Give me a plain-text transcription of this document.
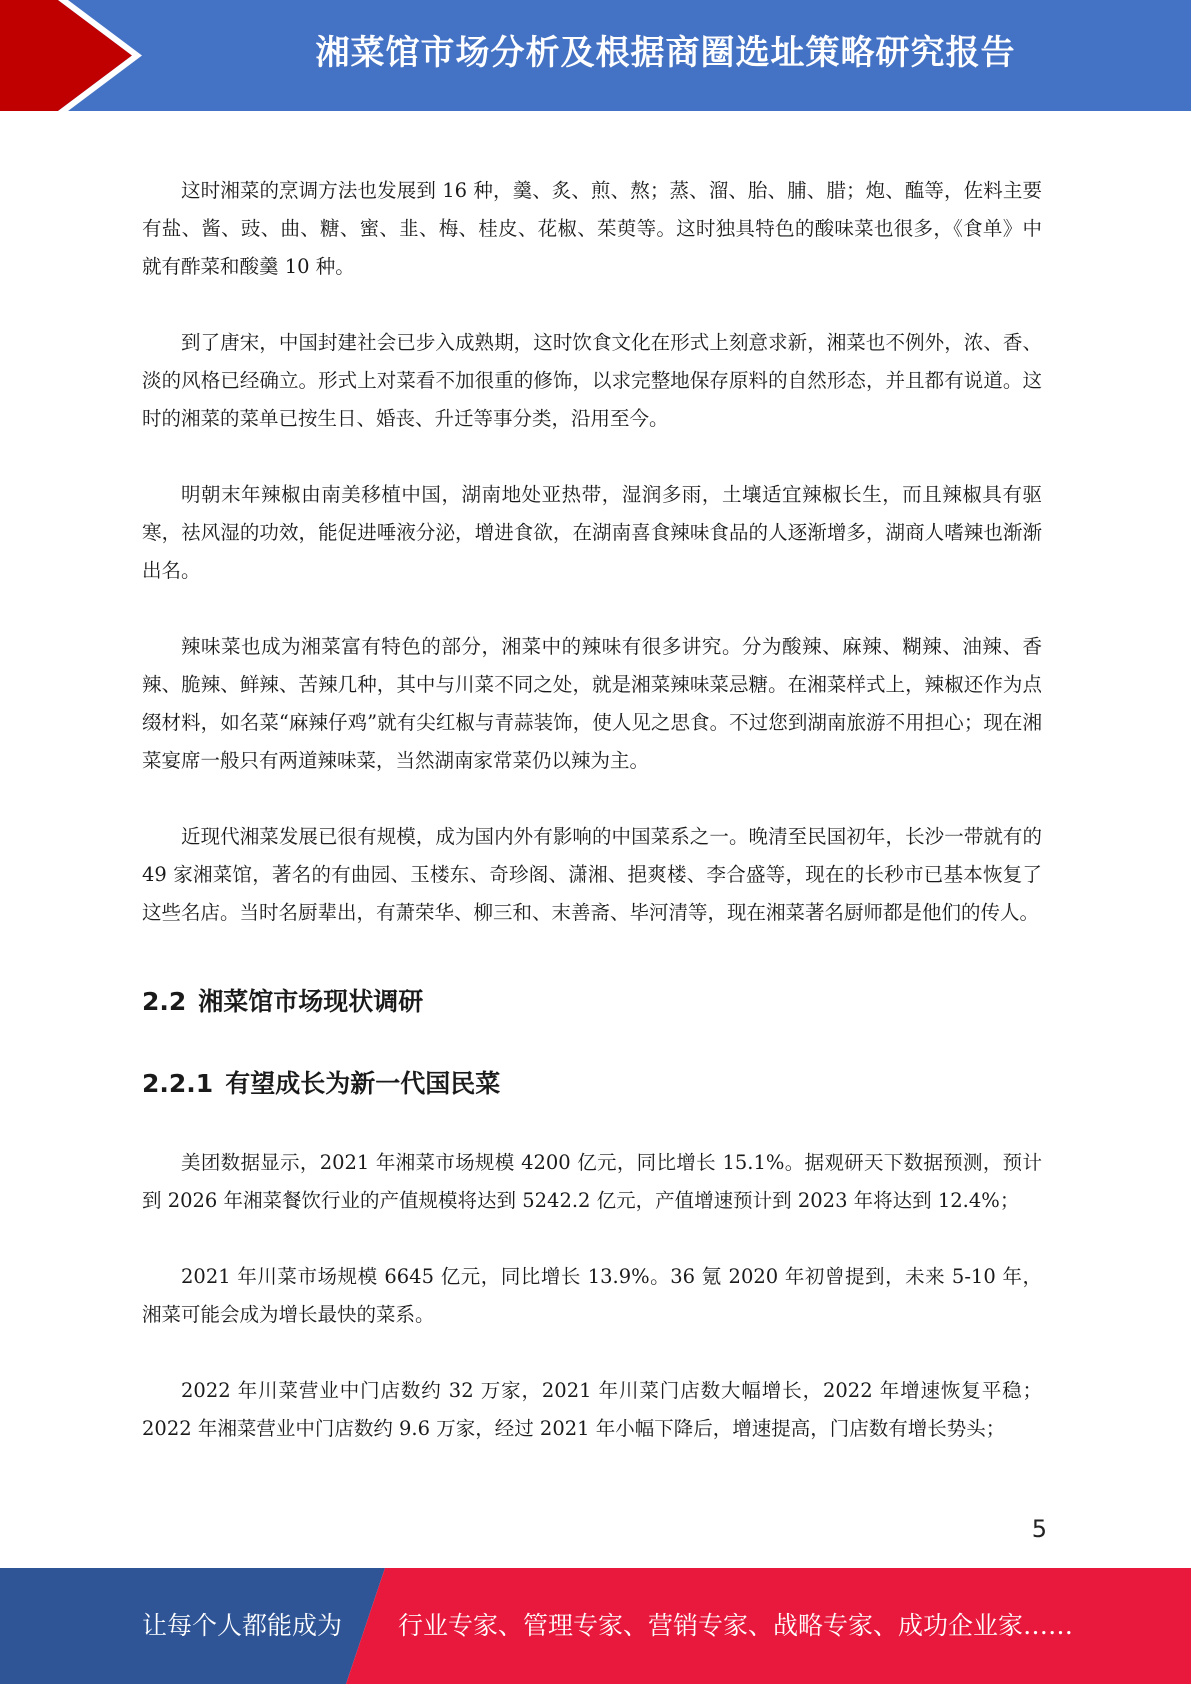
湘菜馆市场分析及根据商圈选址策略研究报告

这时湘菜的烹调方法也发展到 16 种，羹、炙、煎、熬；蒸、溜、胎、脯、腊；炮、醢等，佐料主要有盐、酱、豉、曲、糖、蜜、韭、梅、桂皮、花椒、茱萸等。这时独具特色的酸味菜也很多，《食单》中就有酢菜和酸羹 10 种。

到了唐宋，中国封建社会已步入成熟期，这时饮食文化在形式上刻意求新，湘菜也不例外，浓、香、淡的风格已经确立。形式上对菜看不加很重的修饰，以求完整地保存原料的自然形态，并且都有说道。这时的湘菜的菜单已按生日、婚丧、升迁等事分类，沿用至今。

明朝末年辣椒由南美移植中国，湖南地处亚热带，湿润多雨，土壤适宜辣椒长生，而且辣椒具有驱寒，祛风湿的功效，能促进唾液分泌，增进食欲，在湖南喜食辣味食品的人逐渐增多，湖商人嗜辣也渐渐出名。

辣味菜也成为湘菜富有特色的部分，湘菜中的辣味有很多讲究。分为酸辣、麻辣、糊辣、油辣、香辣、脆辣、鲜辣、苦辣几种，其中与川菜不同之处，就是湘菜辣味菜忌糖。在湘菜样式上，辣椒还作为点缀材料，如名菜“麻辣仔鸡”就有尖红椒与青蒜装饰，使人见之思食。不过您到湖南旅游不用担心；现在湘菜宴席一般只有两道辣味菜，当然湖南家常菜仍以辣为主。

近现代湘菜发展已很有规模，成为国内外有影响的中国菜系之一。晚清至民国初年，长沙一带就有的 49 家湘菜馆，著名的有曲园、玉楼东、奇珍阁、潇湘、挹爽楼、李合盛等，现在的长秒市已基本恢复了这些名店。当时名厨辈出，有萧荣华、柳三和、末善斋、毕河清等，现在湘菜著名厨师都是他们的传人。

2.2 湘菜馆市场现状调研
2.2.1 有望成长为新一代国民菜

美团数据显示，2021 年湘菜市场规模 4200 亿元，同比增长 15.1%。据观研天下数据预测，预计到 2026 年湘菜餐饮行业的产值规模将达到 5242.2 亿元，产值增速预计到 2023 年将达到 12.4%；

2021 年川菜市场规模 6645 亿元，同比增长 13.9%。36 氪 2020 年初曾提到，未来 5-10 年，湘菜可能会成为增长最快的菜系。

2022 年川菜营业中门店数约 32 万家，2021 年川菜门店数大幅增长，2022 年增速恢复平稳；2022 年湘菜营业中门店数约 9.6 万家，经过 2021 年小幅下降后，增速提高，门店数有增长势头；

5
让每个人都能成为 行业专家、管理专家、营销专家、战略专家、成功企业家……
